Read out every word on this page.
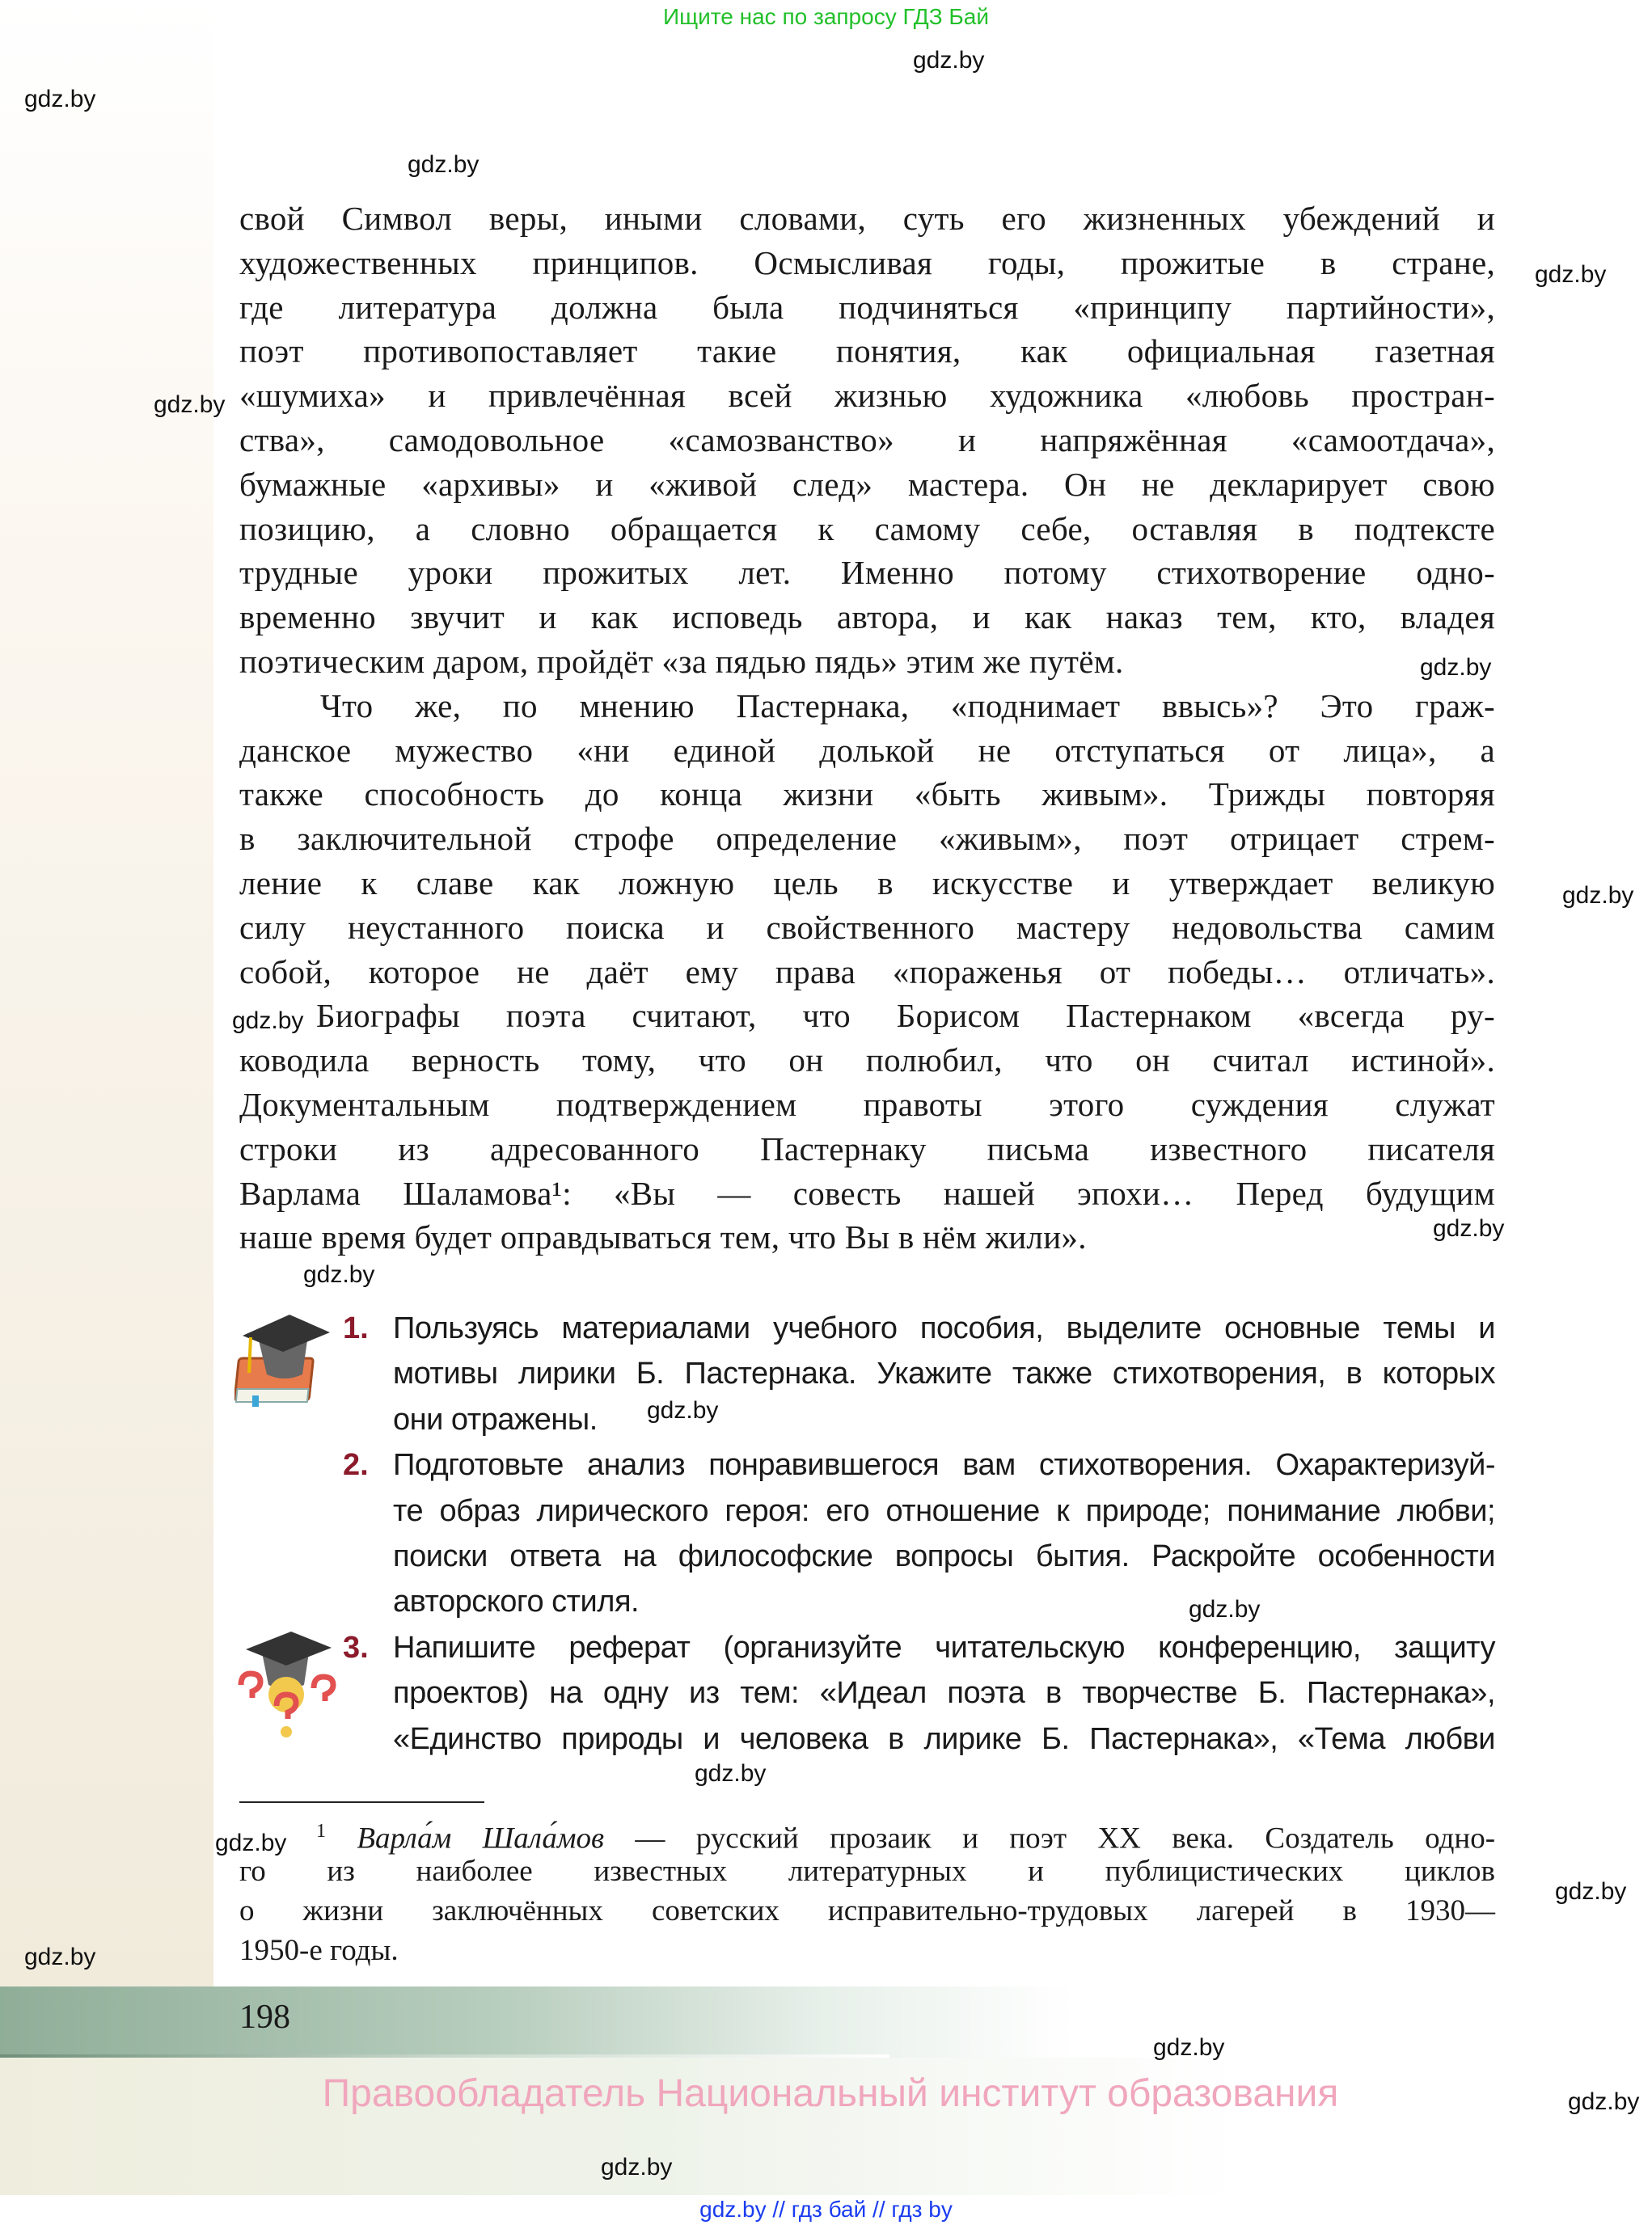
Ищите нас по запросу ГДЗ Бай
свой Символ веры, иными словами, суть его жизненных убеждений и
художественных принципов. Осмысливая годы, прожитые в стране,
где литература должна была подчиняться «принципу партийности»,
поэт противопоставляет такие понятия, как официальная газетная
«шумиха» и привлечённая всей жизнью художника «любовь простран-
ства», самодовольное «самозванство» и напряжённая «самоотдача»,
бумажные «архивы» и «живой след» мастера. Он не декларирует свою
позицию, а словно обращается к самому себе, оставляя в подтексте
трудные уроки прожитых лет. Именно потому стихотворение одно-
временно звучит и как исповедь автора, и как наказ тем, кто, владея
поэтическим даром, пройдёт «за пядью пядь» этим же путём.
Что же, по мнению Пастернака, «поднимает ввысь»? Это граж-
данское мужество «ни единой долькой не отступаться от лица», а
также способность до конца жизни «быть живым». Трижды повторяя
в заключительной строфе определение «живым», поэт отрицает стрем-
ление к славе как ложную цель в искусстве и утверждает великую
силу неустанного поиска и свойственного мастеру недовольства самим
собой, которое не даёт ему права «пораженья от победы… отличать».
Биографы поэта считают, что Борисом Пастернаком «всегда ру-
ководила верность тому, что он полюбил, что он считал истиной».
Документальным подтверждением правоты этого суждения служат
строки из адресованного Пастернаку письма известного писателя
Варлама Шаламова¹: «Вы — совесть нашей эпохи… Перед будущим
наше время будет оправдываться тем, что Вы в нём жили».
1. Пользуясь материалами учебного пособия, выделите основные темы и
мотивы лирики Б. Пастернака. Укажите также стихотворения, в которых
они отражены.
2. Подготовьте анализ понравившегося вам стихотворения. Охарактеризуй-
те образ лирического героя: его отношение к природе; понимание любви;
поиски ответа на философские вопросы бытия. Раскройте особенности
авторского стиля.
3. Напишите реферат (организуйте читательскую конференцию, защиту
проектов) на одну из тем: «Идеал поэта в творчестве Б. Пастернака»,
«Единство природы и человека в лирике Б. Пастернака», «Тема любви
$^1$ Варла́м Шала́мов — русский прозаик и поэт XX века. Создатель одно-
го из наиболее известных литературных и публицистических циклов
о жизни заключённых советских исправительно-трудовых лагерей в 1930—
1950-е годы.
198
Правообладатель Национальный институт образования
gdz.by // гдз бай // гдз by
gdz.by
gdz.by
gdz.by
gdz.by
gdz.by
gdz.by
gdz.by
gdz.by
gdz.by
gdz.by
gdz.by
gdz.by
gdz.by
gdz.by
gdz.by
gdz.by
gdz.by
gdz.by
gdz.by
